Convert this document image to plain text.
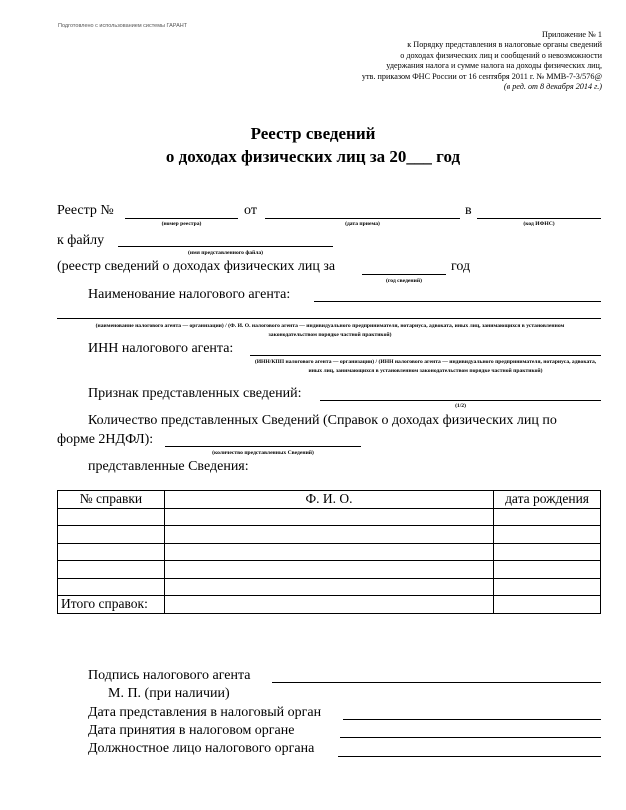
Подготовлено с использованием системы ГАРАНТ
Приложение № 1
к Порядку представления в налоговые органы сведений
о доходах физических лиц и сообщений о невозможности
удержания налога и сумме налога на доходы физических лиц,
утв. приказом ФНС России от 16 сентября 2011 г. № ММВ-7-3/576@
(в ред. от 8 декабря 2014 г.)
Реестр сведений
о доходах физических лиц за 20___ год
Реестр №
(номер реестра)
от
(дата приема)
в
(код ИФНС)
к файлу
(имя представленного файла)
(реестр сведений о доходах физических лиц за
(год сведений)
год
Наименование налогового агента:
(наименование налогового агента — организации) / (Ф. И. О. налогового агента — индивидуального предпринимателя, нотариуса, адвоката, иных лиц, занимающихся в установленном законодательством порядке частной практикой)
ИНН налогового агента:
(ИНН/КПП налогового агента — организации) / (ИНН налогового агента — индивидуального предпринимателя, нотариуса, адвоката, иных лиц, занимающихся в установленном законодательством порядке частной практикой)
Признак представленных сведений:
(1/2)
Количество представленных Сведений (Справок о доходах физических лиц по
форме 2НДФЛ):
(количество представленных Сведений)
представленные Сведения:
№ справки	Ф. И. О.	дата рождения

Итого справок:		
Подпись налогового агента
М. П. (при наличии)
Дата представления в налоговый орган
Дата принятия в налоговом органе
Должностное лицо налогового органа
